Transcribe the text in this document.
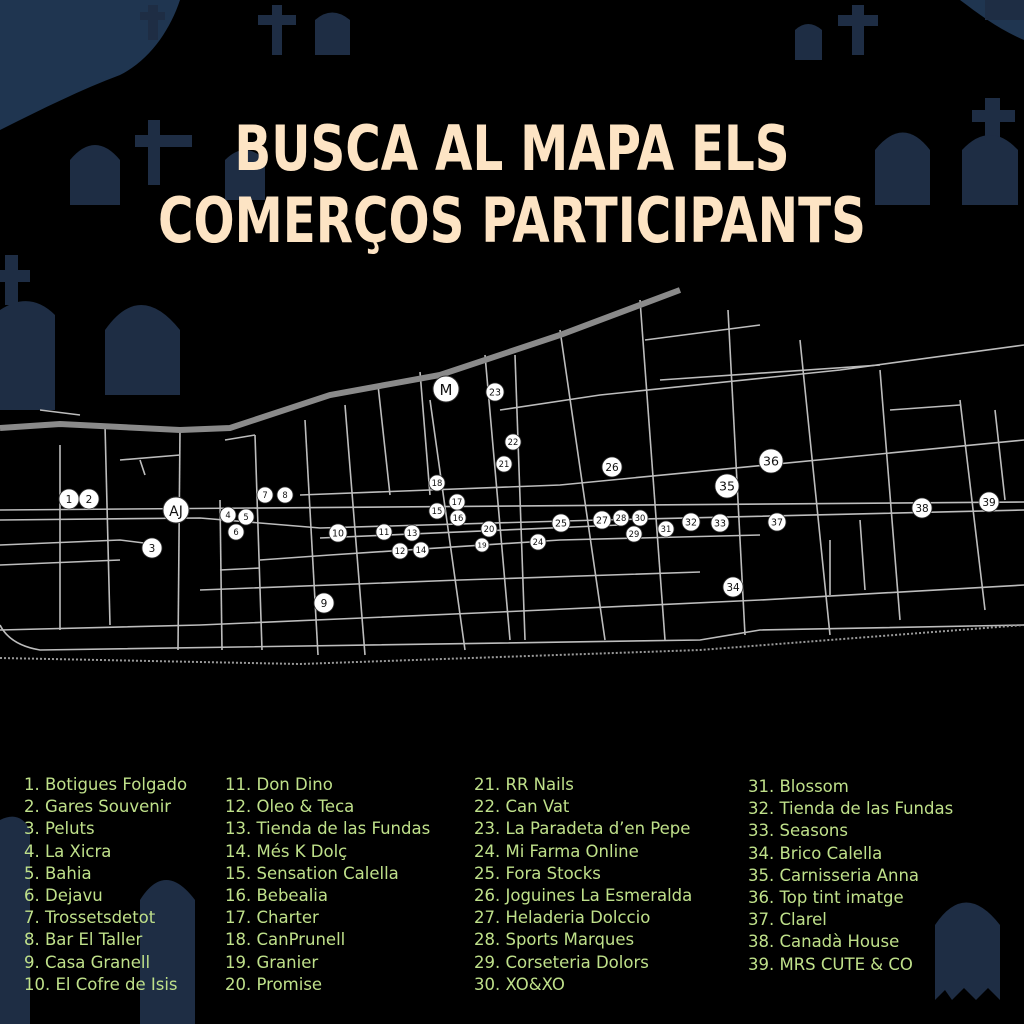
1 2
3
4 5
6
7 8
9
10	11
12
13
14
15
16
17
18
19
20
21
22
23
24
25
26
27 28
29
30
31
32 33
34
35
36
37
38	39
M
AJ
BUSCA AL MAPA ELS
COMERÇOS PARTICIPANTS
1. Botigues Folgado
2. Gares Souvenir
3. Peluts
4. La Xicra
5. Bahia
6. Dejavu
7. Trossetsdetot
8. Bar El Taller
9. Casa Granell
10. El Cofre de Isis
11. Don Dino
12. Oleo & Teca
13. Tienda de las Fundas
14. Més K Dolç
15. Sensation Calella
16. Bebealia
17. Charter
18. CanPrunell
19. Granier
20. Promise
21. RR Nails
22. Can Vat
23. La Paradeta d’en Pepe
24. Mi Farma Online
25. Fora Stocks
26. Joguines La Esmeralda
27. Heladeria Dolccio
28. Sports Marques
29. Corseteria Dolors
30. XO&XO
31. Blossom
32. Tienda de las Fundas
33. Seasons
34. Brico Calella
35. Carnisseria Anna
36. Top tint imatge
37. Clarel
38. Canadà House
39. MRS CUTE & CO
